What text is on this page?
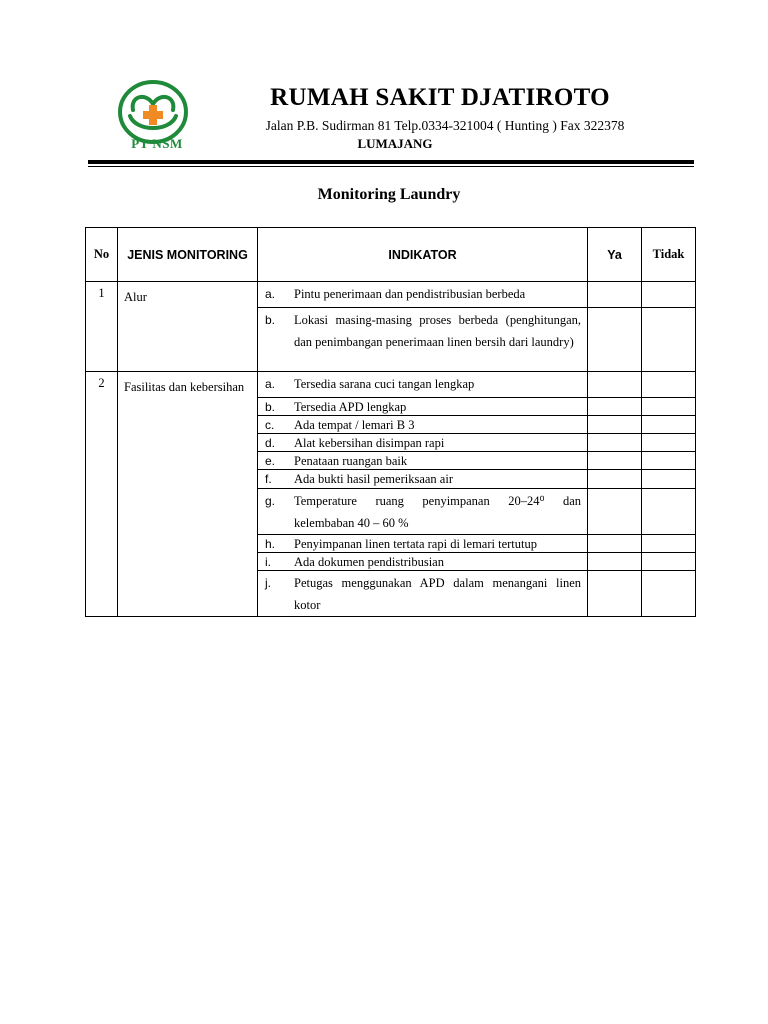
PT NSM
RUMAH SAKIT DJATIROTO
Jalan P.B. Sudirman 81 Telp.0334-321004 ( Hunting ) Fax 322378
LUMAJANG
Monitoring Laundry
No	JENIS MONITORING	INDIKATOR	Ya	Tidak
1	Alur	a. Pintu penerimaan dan pendistribusian berbeda		

		b. Lokasi masing-masing proses berbeda (penghitungan, dan penimbangan penerimaan linen bersih dari laundry)		

2	Fasilitas dan kebersihan	a. Tersedia sarana cuci tangan lengkap		

		b. Tersedia APD lengkap		

		c. Ada tempat / lemari B 3		

		d. Alat kebersihan disimpan rapi		

		e. Penataan ruangan baik		

		f. Ada bukti hasil pemeriksaan air		

		g. Temperature ruang penyimpanan 20–24⁰ dan kelembaban 40 – 60 %		

		h. Penyimpanan linen tertata rapi di lemari tertutup		

		i. Ada dokumen pendistribusian		

		j. Petugas menggunakan APD dalam menangani linen kotor		
